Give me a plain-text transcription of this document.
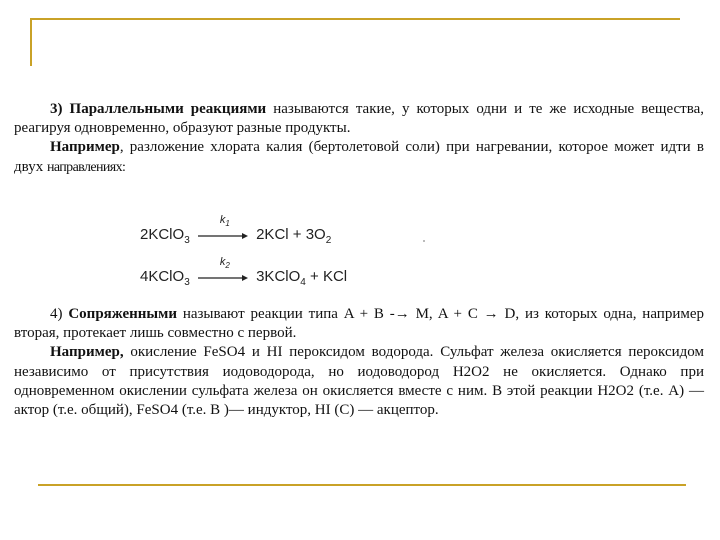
3) Параллельными реакциями называются такие, у которых одни и те же исходные вещества, реагируя одновременно, образуют разные продукты.

Например, разложение хлората калия (бертолетовой соли) при нагревании, которое может идти в двух направлениях:

2KClO$_3$
$k_1$
$2KCl + 3O_2$
4KClO$_3$
$k_2$
3KClO$_4$ + KCl

4) Сопряженными называют реакции типа A + B -→ M, A + C → D, из которых одна, например вторая, протекает лишь совместно с первой.

Например, окисление FeSO4 и HI пероксидом водорода. Сульфат железа окисляется пероксидом независимо от присутствия иодоводорода, но иодоводород H2O2 не окисляется. Однако при одновременном окислении сульфата железа он окисляется вместе с ним. В этой реакции H2O2 (т.е. A) — актор (т.е. общий), FeSO4 (т.е. B )— индуктор, HI (C) — акцептор.
